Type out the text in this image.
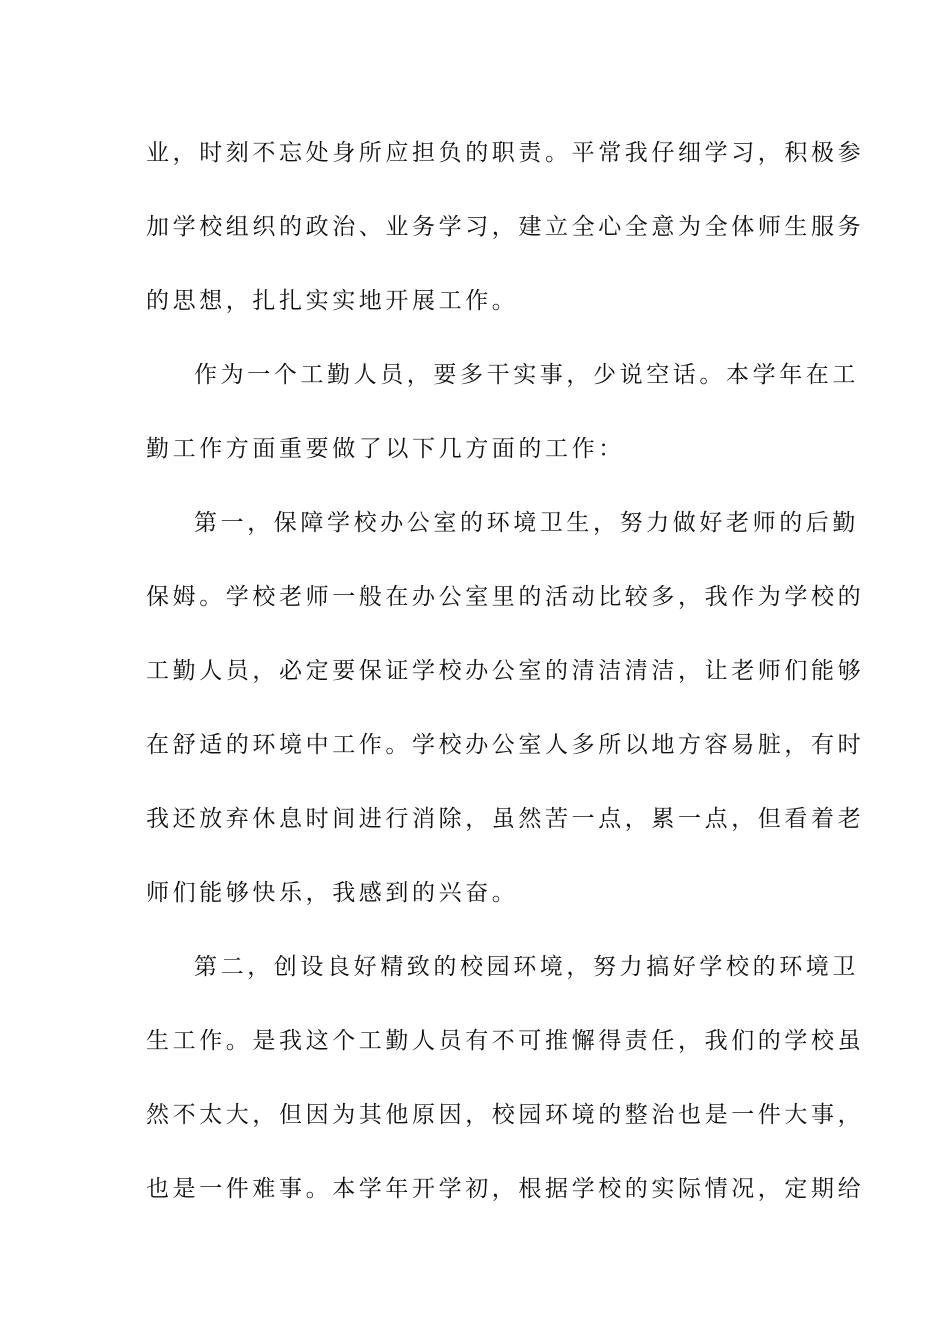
业，时刻不忘处身所应担负的职责。平常我仔细学习，积极参
加学校组织的政治、业务学习，建立全心全意为全体师生服务
的思想，扎扎实实地开展工作。
作为一个工勤人员，要多干实事，少说空话。本学年在工
勤工作方面重要做了以下几方面的工作：
第一，保障学校办公室的环境卫生，努力做好老师的后勤
保姆。学校老师一般在办公室里的活动比较多，我作为学校的
工勤人员，必定要保证学校办公室的清洁清洁，让老师们能够
在舒适的环境中工作。学校办公室人多所以地方容易脏，有时
我还放弃休息时间进行消除，虽然苦一点，累一点，但看着老
师们能够快乐，我感到的兴奋。
第二，创设良好精致的校园环境，努力搞好学校的环境卫
生工作。是我这个工勤人员有不可推懈得责任，我们的学校虽
然不太大，但因为其他原因，校园环境的整治也是一件大事，
也是一件难事。本学年开学初，根据学校的实际情况，定期给
